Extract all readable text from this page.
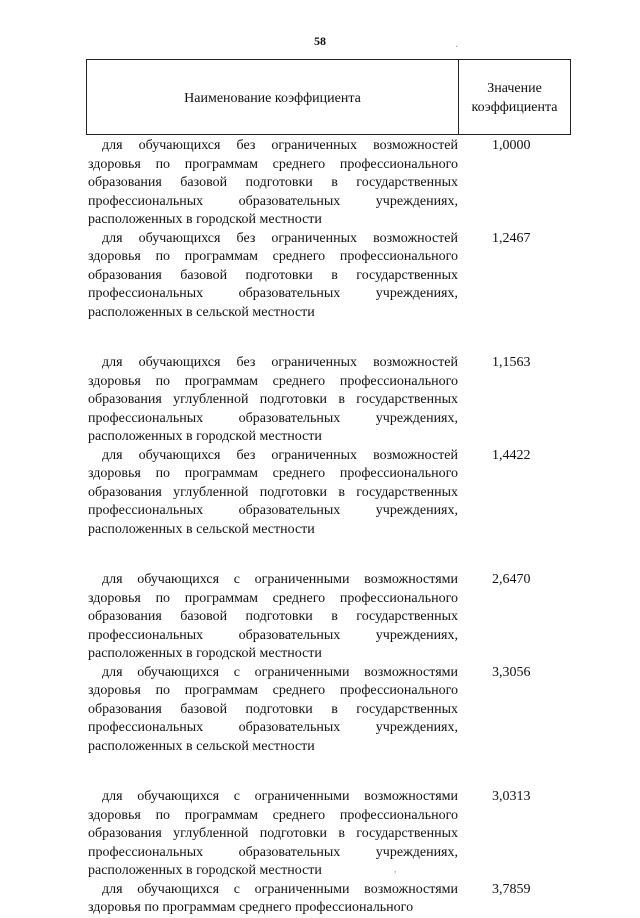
58
Наименование коэффициента
Значение коэффициента
для обучающихся без ограниченных возможностей здоровья по программам среднего профессионального образования базовой подготовки в государственных профессиональных образовательных учреждениях, расположенных в городской местности
1,0000
для обучающихся без ограниченных возможностей здоровья по программам среднего профессионального образования базовой подготовки в государственных профессиональных образовательных учреждениях, расположенных в сельской местности
1,2467
для обучающихся без ограниченных возможностей здоровья по программам среднего профессионального образования углубленной подготовки в государственных профессиональных образовательных учреждениях, расположенных в городской местности
1,1563
для обучающихся без ограниченных возможностей здоровья по программам среднего профессионального образования углубленной подготовки в государственных профессиональных образовательных учреждениях, расположенных в сельской местности
1,4422
для обучающихся с ограниченными возможностями здоровья по программам среднего профессионального образования базовой подготовки в государственных профессиональных образовательных учреждениях, расположенных в городской местности
2,6470
для обучающихся с ограниченными возможностями здоровья по программам среднего профессионального образования базовой подготовки в государственных профессиональных образовательных учреждениях, расположенных в сельской местности
3,3056
для обучающихся с ограниченными возможностями здоровья по программам среднего профессионального образования углубленной подготовки в государственных профессиональных образовательных учреждениях, расположенных в городской местности
3,0313
для обучающихся с ограниченными возможностями здоровья по программам среднего профессионального
3,7859
·
,
